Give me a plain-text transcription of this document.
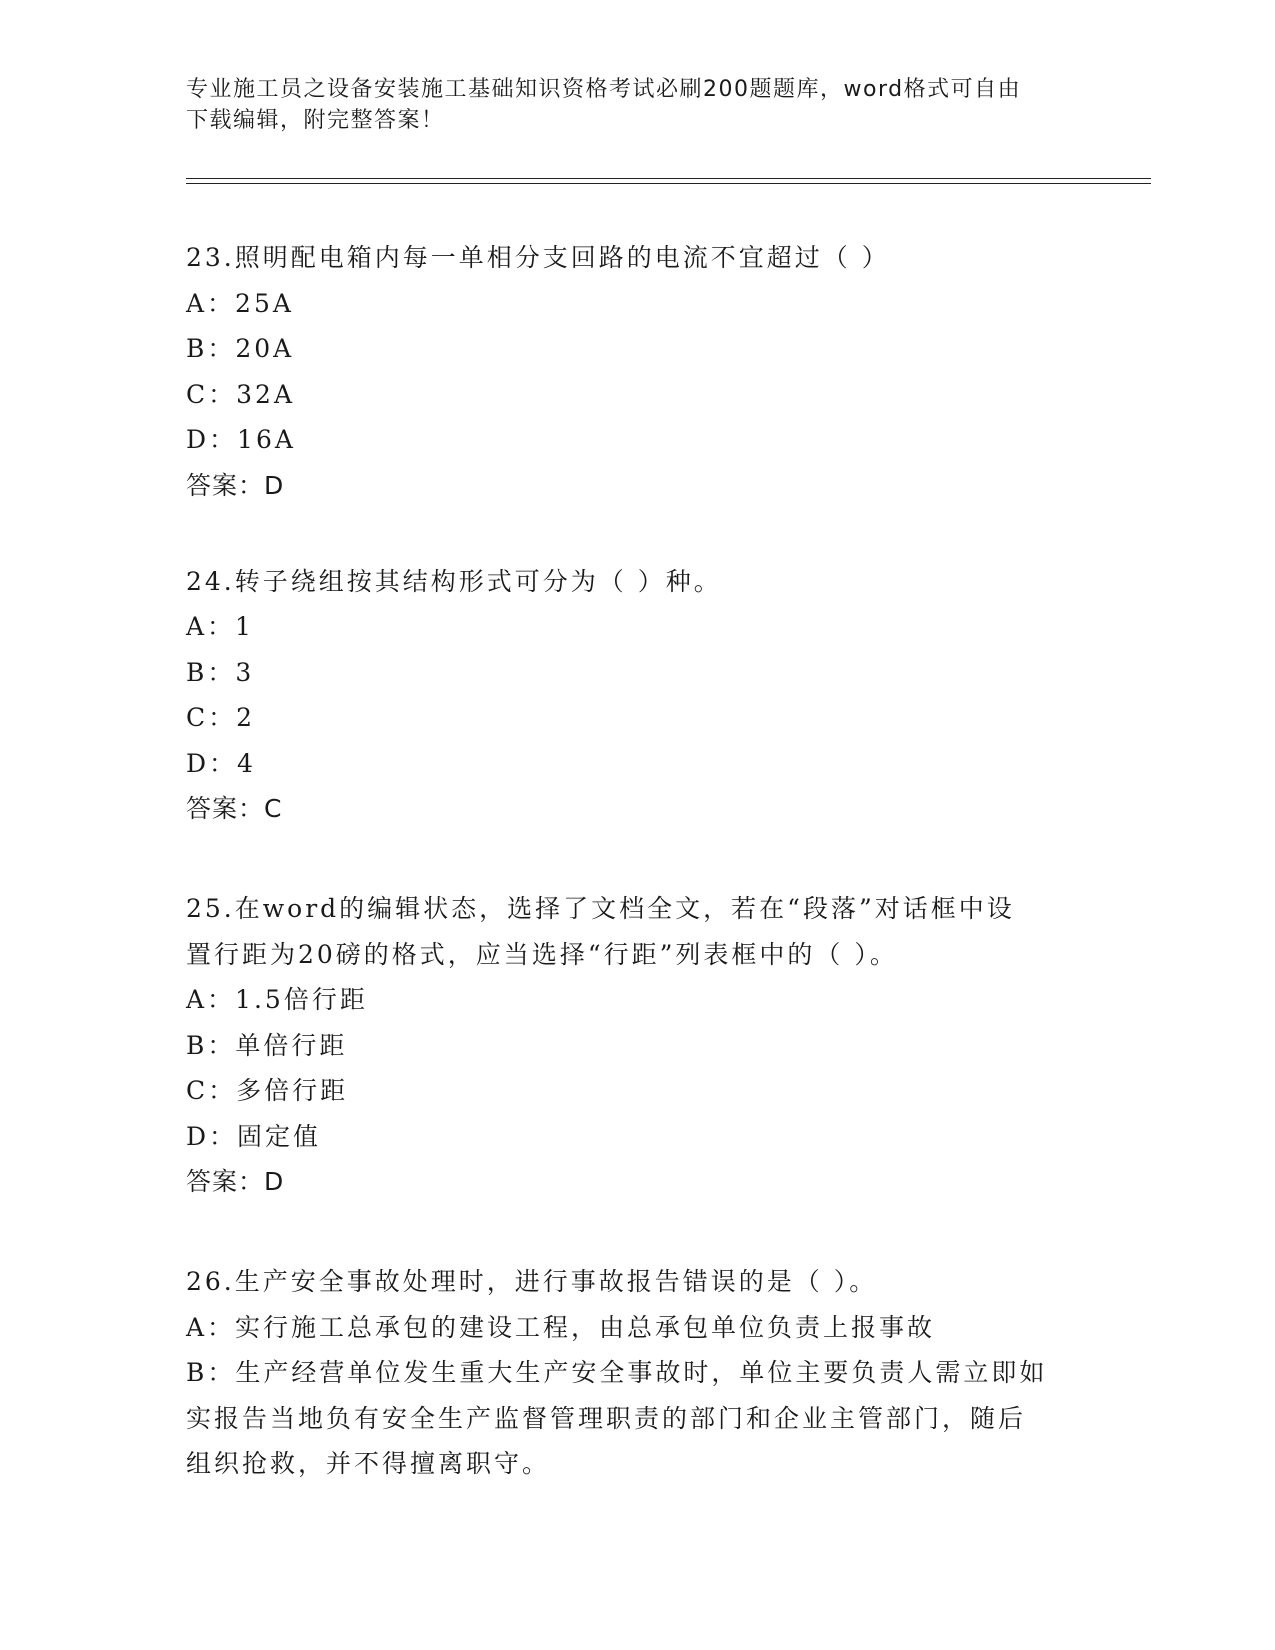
专业施工员之设备安装施工基础知识资格考试必刷200题题库，word格式可自由
下载编辑，附完整答案！

23.照明配电箱内每一单相分支回路的电流不宜超过（ ）

A：25A

B：20A

C：32A

D：16A

答案：D

24.转子绕组按其结构形式可分为（ ）种。

A：1

B：3

C：2

D：4

答案：C

25.在word的编辑状态，选择了文档全文，若在“段落”对话框中设

置行距为20磅的格式，应当选择“行距”列表框中的（ ）。

A：1.5倍行距

B：单倍行距

C：多倍行距

D：固定值

答案：D

26.生产安全事故处理时，进行事故报告错误的是（ ）。

A：实行施工总承包的建设工程，由总承包单位负责上报事故

B：生产经营单位发生重大生产安全事故时，单位主要负责人需立即如

实报告当地负有安全生产监督管理职责的部门和企业主管部门，随后

组织抢救，并不得擅离职守。
